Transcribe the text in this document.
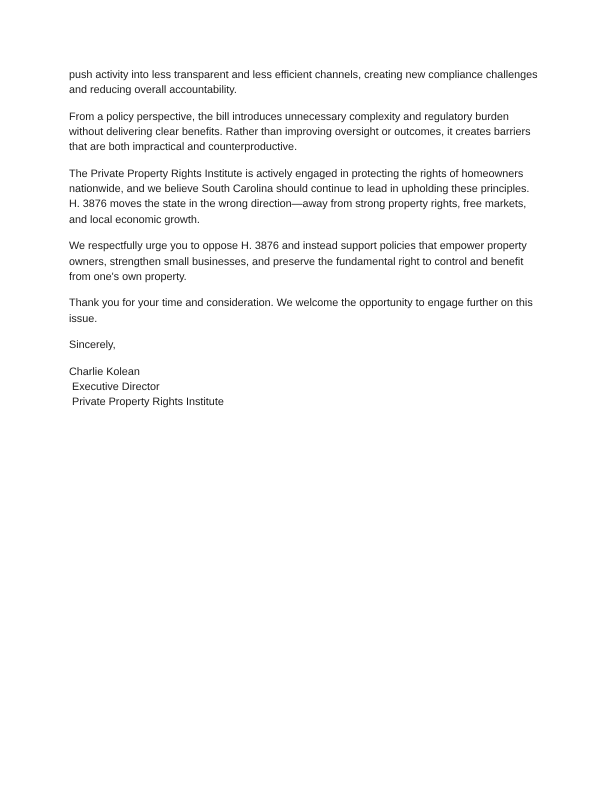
push activity into less transparent and less efficient channels, creating new compliance challenges and reducing overall accountability.

From a policy perspective, the bill introduces unnecessary complexity and regulatory burden without delivering clear benefits. Rather than improving oversight or outcomes, it creates barriers that are both impractical and counterproductive.

The Private Property Rights Institute is actively engaged in protecting the rights of homeowners nationwide, and we believe South Carolina should continue to lead in upholding these principles. H. 3876 moves the state in the wrong direction—away from strong property rights, free markets, and local economic growth.

We respectfully urge you to oppose H. 3876 and instead support policies that empower property owners, strengthen small businesses, and preserve the fundamental right to control and benefit from one's own property.

Thank you for your time and consideration. We welcome the opportunity to engage further on this issue.

Sincerely,

Charlie Kolean
Executive Director
Private Property Rights Institute
